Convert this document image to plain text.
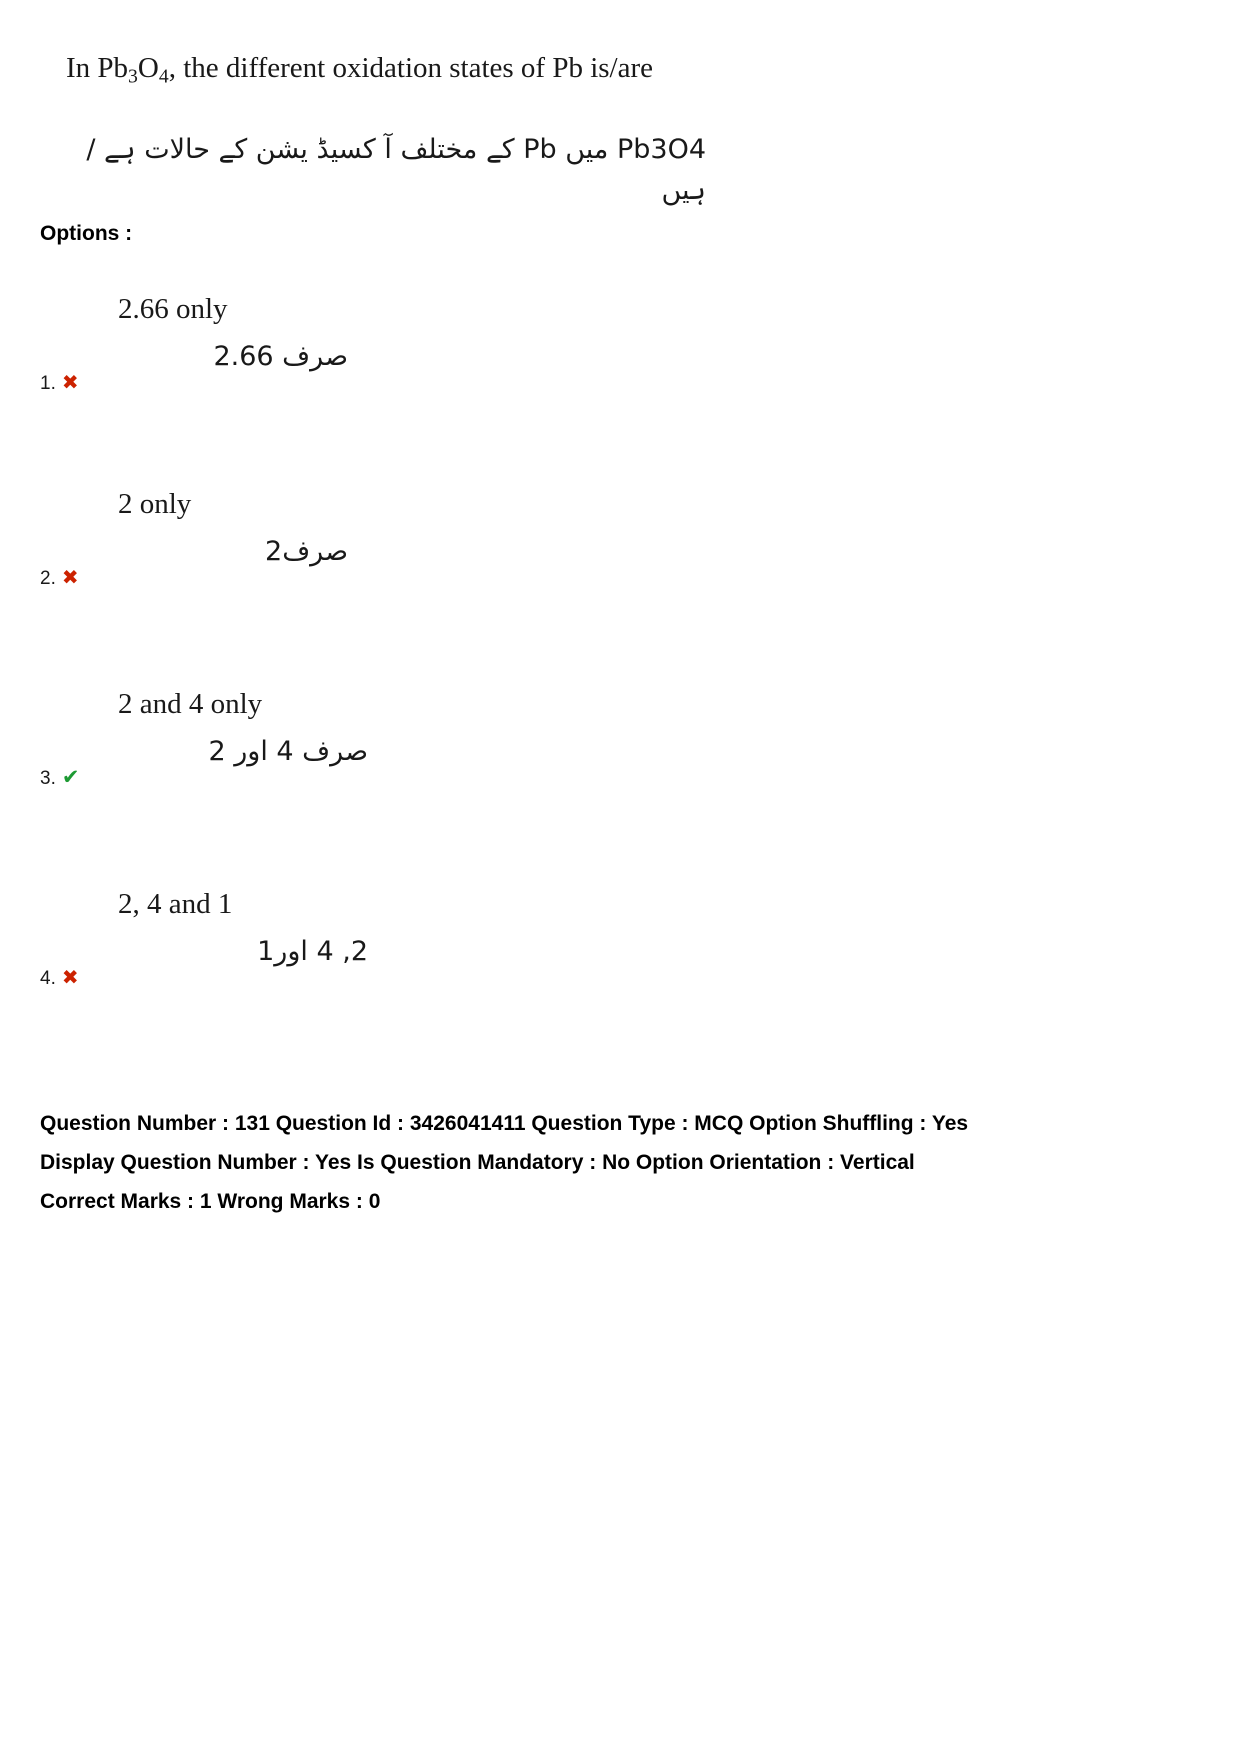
In $Pb_3O_4$, the different oxidation states of Pb is/are
Pb3O4 میں Pb کے مختلف آ کسیڈ یشن کے حالات ہے /ہیں
Options :
1. ✖
2.66 only
صرف 2.66
2. ✖
2 only
صرف2
3. ✔
2 and 4 only
صرف 4 اور 2
4. ✖
2, 4 and 1
2, 4 اور1
Question Number : 131 Question Id : 3426041411 Question Type : MCQ Option Shuffling : Yes
Display Question Number : Yes Is Question Mandatory : No Option Orientation : Vertical
Correct Marks : 1 Wrong Marks : 0
